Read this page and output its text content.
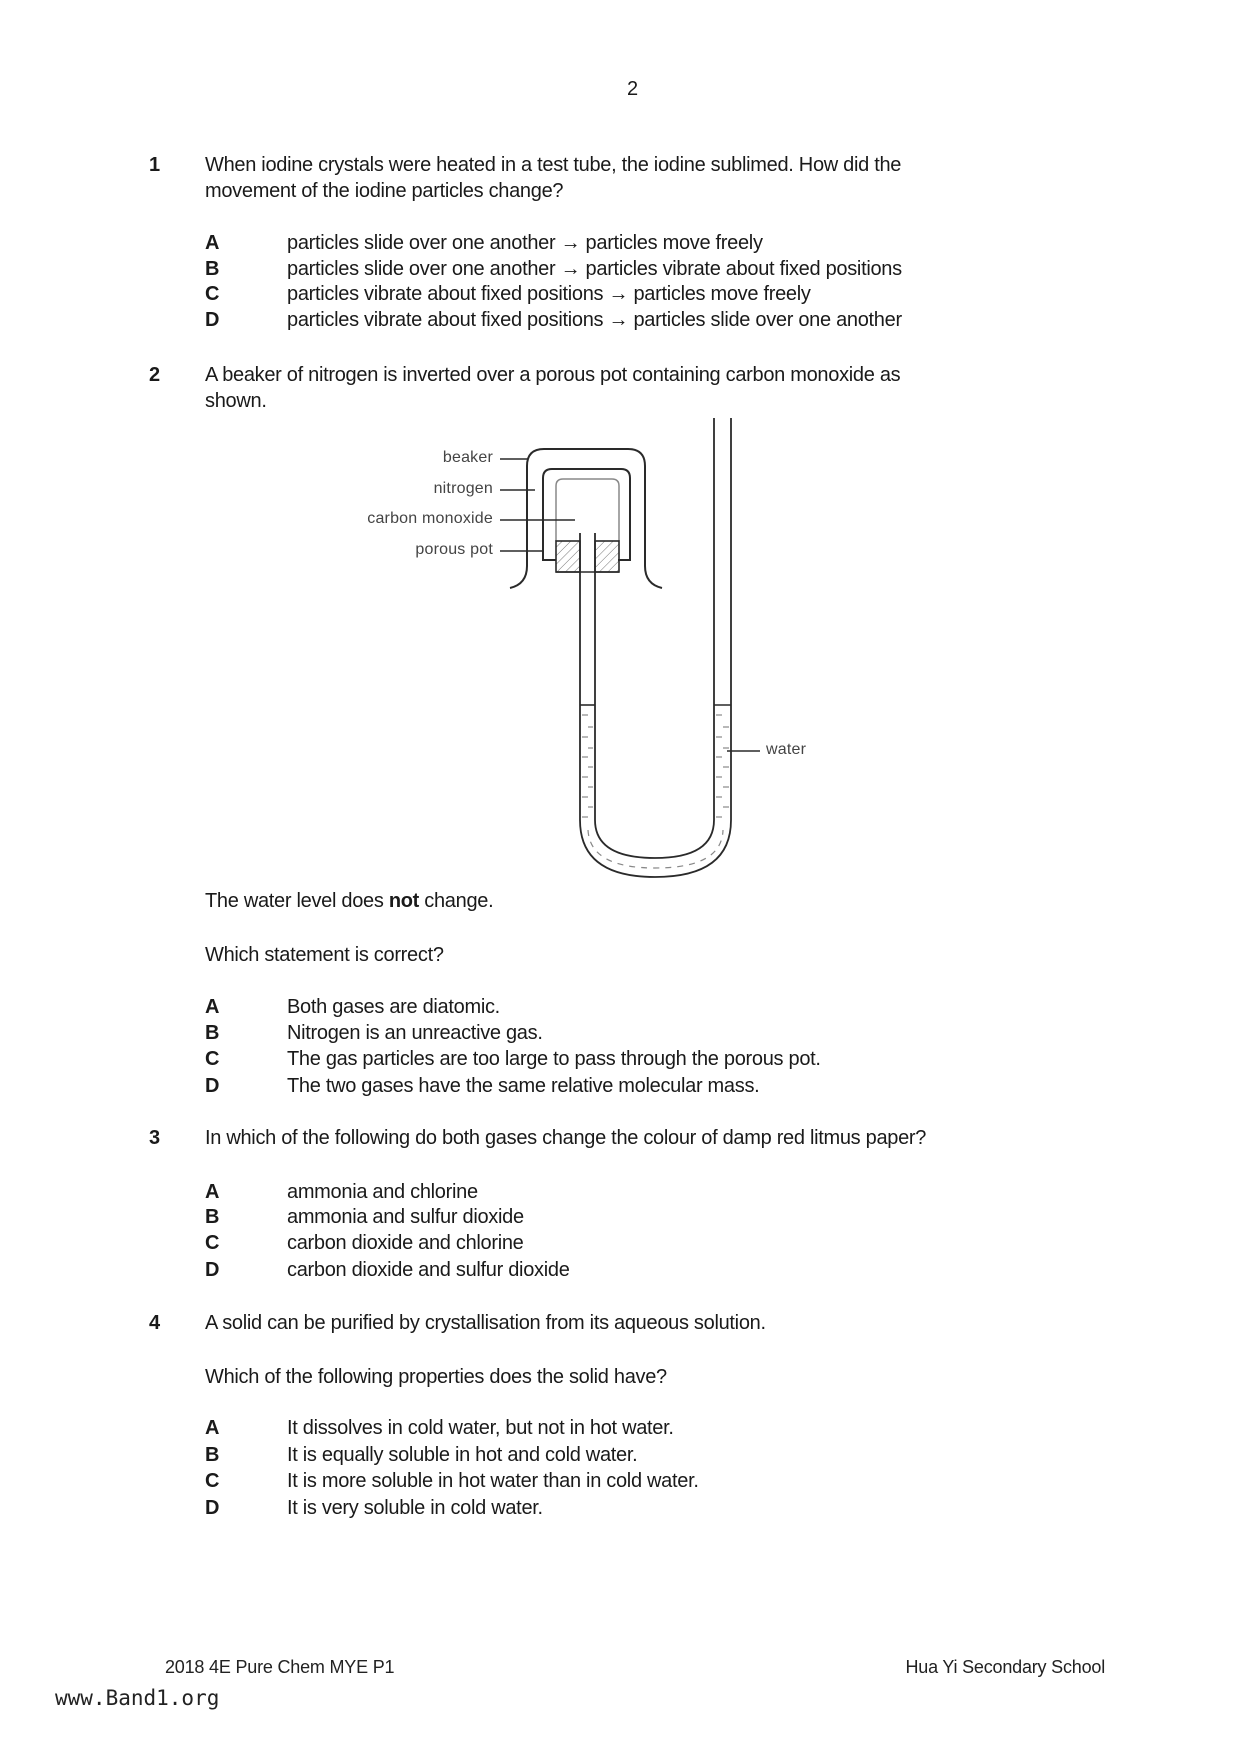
2
1 When iodine crystals were heated in a test tube, the iodine sublimed. How did the
movement of the iodine particles change?
A	particles slide over one another → particles move freely
B	particles slide over one another → particles vibrate about fixed positions
C	particles vibrate about fixed positions → particles move freely
D	particles vibrate about fixed positions → particles slide over one another
2 A beaker of nitrogen is inverted over a porous pot containing carbon monoxide as
shown.
beaker
nitrogen
carbon monoxide
porous pot
water
The water level does not change.
Which statement is correct?
A	Both gases are diatomic.
B	Nitrogen is an unreactive gas.
C	The gas particles are too large to pass through the porous pot.
D	The two gases have the same relative molecular mass.
3 In which of the following do both gases change the colour of damp red litmus paper?
A	ammonia and chlorine
B	ammonia and sulfur dioxide
C	carbon dioxide and chlorine
D	carbon dioxide and sulfur dioxide
4 A solid can be purified by crystallisation from its aqueous solution.
Which of the following properties does the solid have?
A	It dissolves in cold water, but not in hot water.
B	It is equally soluble in hot and cold water.
C	It is more soluble in hot water than in cold water.
D	It is very soluble in cold water.
2018 4E Pure Chem MYE P1	Hua Yi Secondary School
www.Band1.org
